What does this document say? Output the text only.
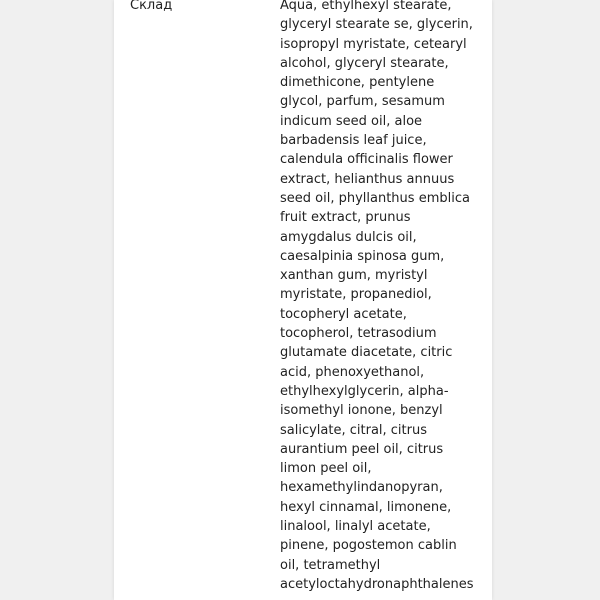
Склад	Aqua, ethylhexyl stearate,
glyceryl stearate se, glycerin,
isopropyl myristate, cetearyl
alcohol, glyceryl stearate,
dimethicone, pentylene
glycol, parfum, sesamum
indicum seed oil, aloe
barbadensis leaf juice,
calendula officinalis flower
extract, helianthus annuus
seed oil, phyllanthus emblica
fruit extract, prunus
amygdalus dulcis oil,
caesalpinia spinosa gum,
xanthan gum, myristyl
myristate, propanediol,
tocopheryl acetate,
tocopherol, tetrasodium
glutamate diacetate, citric
acid, phenoxyethanol,
ethylhexylglycerin, alpha-
isomethyl ionone, benzyl
salicylate, citral, citrus
aurantium peel oil, citrus
limon peel oil,
hexamethylindanopyran,
hexyl cinnamal, limonene,
linalool, linalyl acetate,
pinene, pogostemon cablin
oil, tetramethyl
acetyloctahydronaphthalenes
